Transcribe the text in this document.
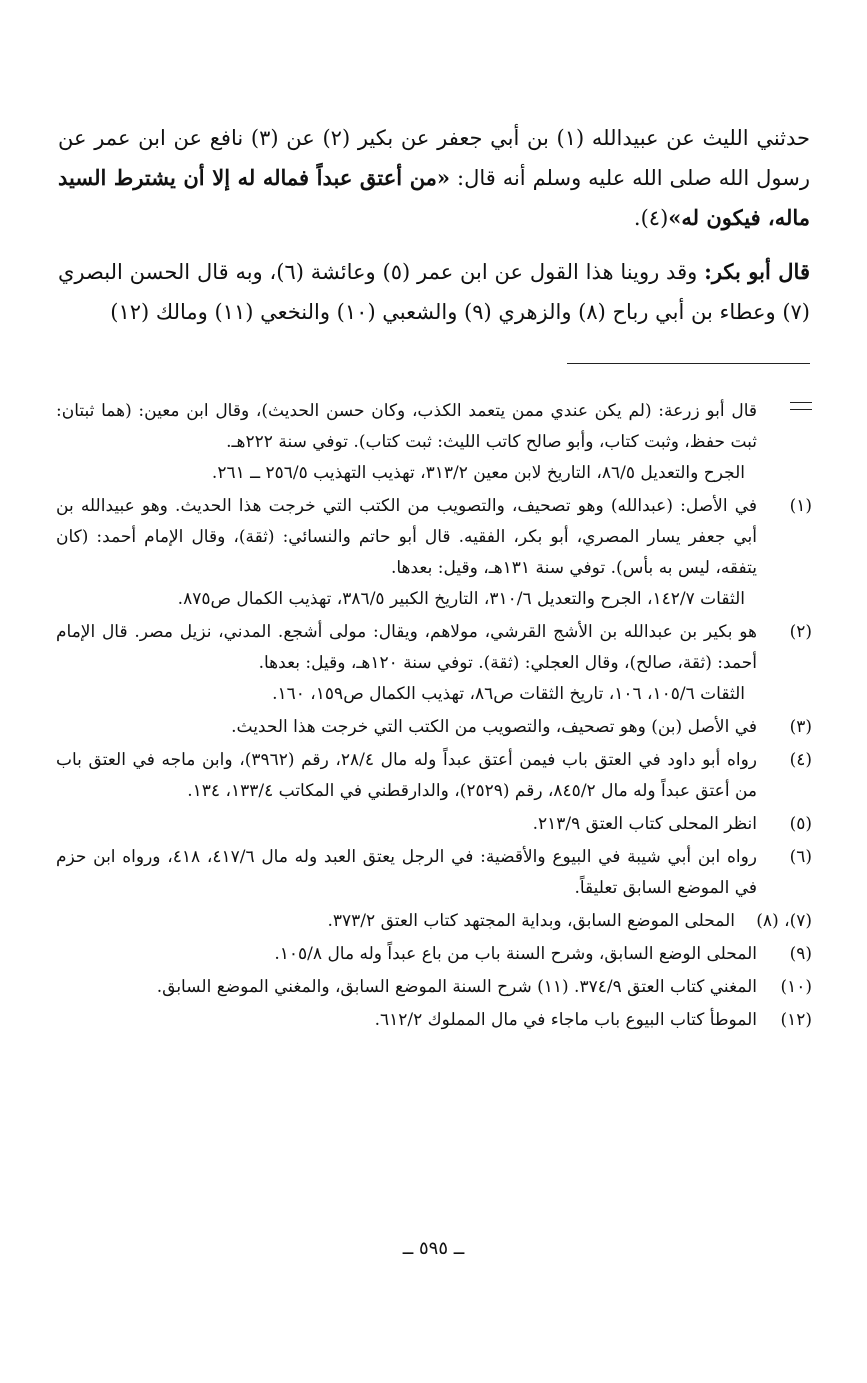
حدثني الليث عن عبيدالله (١) بن أبي جعفر عن بكير (٢) عن (٣) نافع عن ابن عمر عن رسول الله صلى الله عليه وسلم أنه قال: «من أعتق عبداً فماله له إلا أن يشترط السيد ماله، فيكون له»(٤).

قال أبو بكر: وقد روينا هذا القول عن ابن عمر (٥) وعائشة (٦)، وبه قال الحسن البصري (٧) وعطاء بن أبي رباح (٨) والزهري (٩) والشعبي (١٠) والنخعي (١١) ومالك (١٢)

قال أبو زرعة: (لم يكن عندي ممن يتعمد الكذب، وكان حسن الحديث)، وقال ابن معين: (هما ثبتان: ثبت حفظ، وثبت كتاب، وأبو صالح كاتب الليث: ثبت كتاب). توفي سنة ٢٢٢هـ.

الجرح والتعديل ٨٦/٥، التاريخ لابن معين ٣١٣/٢، تهذيب التهذيب ٢٥٦/٥ ــ ٢٦١.

(١)

في الأصل: (عبدالله) وهو تصحيف، والتصويب من الكتب التي خرجت هذا الحديث. وهو عبيدالله بن أبي جعفر يسار المصري، أبو بكر، الفقيه. قال أبو حاتم والنسائي: (ثقة)، وقال الإمام أحمد: (كان يتفقه، ليس به بأس). توفي سنة ١٣١هـ، وقيل: بعدها.

الثقات ١٤٢/٧، الجرح والتعديل ٣١٠/٦، التاريخ الكبير ٣٨٦/٥، تهذيب الكمال ص٨٧٥.

(٢)

هو بكير بن عبدالله بن الأشج القرشي، مولاهم، ويقال: مولى أشجع. المدني، نزيل مصر. قال الإمام أحمد: (ثقة، صالح)، وقال العجلي: (ثقة). توفي سنة ١٢٠هـ، وقيل: بعدها.

الثقات ١٠٥/٦، ١٠٦، تاريخ الثقات ص٨٦، تهذيب الكمال ص١٥٩، ١٦٠.

(٣)

في الأصل (بن) وهو تصحيف، والتصويب من الكتب التي خرجت هذا الحديث.

(٤)

رواه أبو داود في العتق باب فيمن أعتق عبداً وله مال ٢٨/٤، رقم (٣٩٦٢)، وابن ماجه في العتق باب من أعتق عبداً وله مال ٨٤٥/٢، رقم (٢٥٢٩)، والدارقطني في المكاتب ١٣٣/٤، ١٣٤.

(٥)

انظر المحلى كتاب العتق ٢١٣/٩.

(٦)

رواه ابن أبي شيبة في البيوع والأقضية: في الرجل يعتق العبد وله مال ٤١٧/٦، ٤١٨، ورواه ابن حزم في الموضع السابق تعليقاً.

(٧)، (٨)

المحلى الموضع السابق، وبداية المجتهد كتاب العتق ٣٧٣/٢.

(٩)

المحلى الوضع السابق، وشرح السنة باب من باع عبداً وله مال ١٠٥/٨.

(١٠)

المغني كتاب العتق ٣٧٤/٩. (١١) شرح السنة الموضع السابق، والمغني الموضع السابق.

(١٢)

الموطأ كتاب البيوع باب ماجاء في مال المملوك ٦١٢/٢.

ــ ٥٩٥ ــ
